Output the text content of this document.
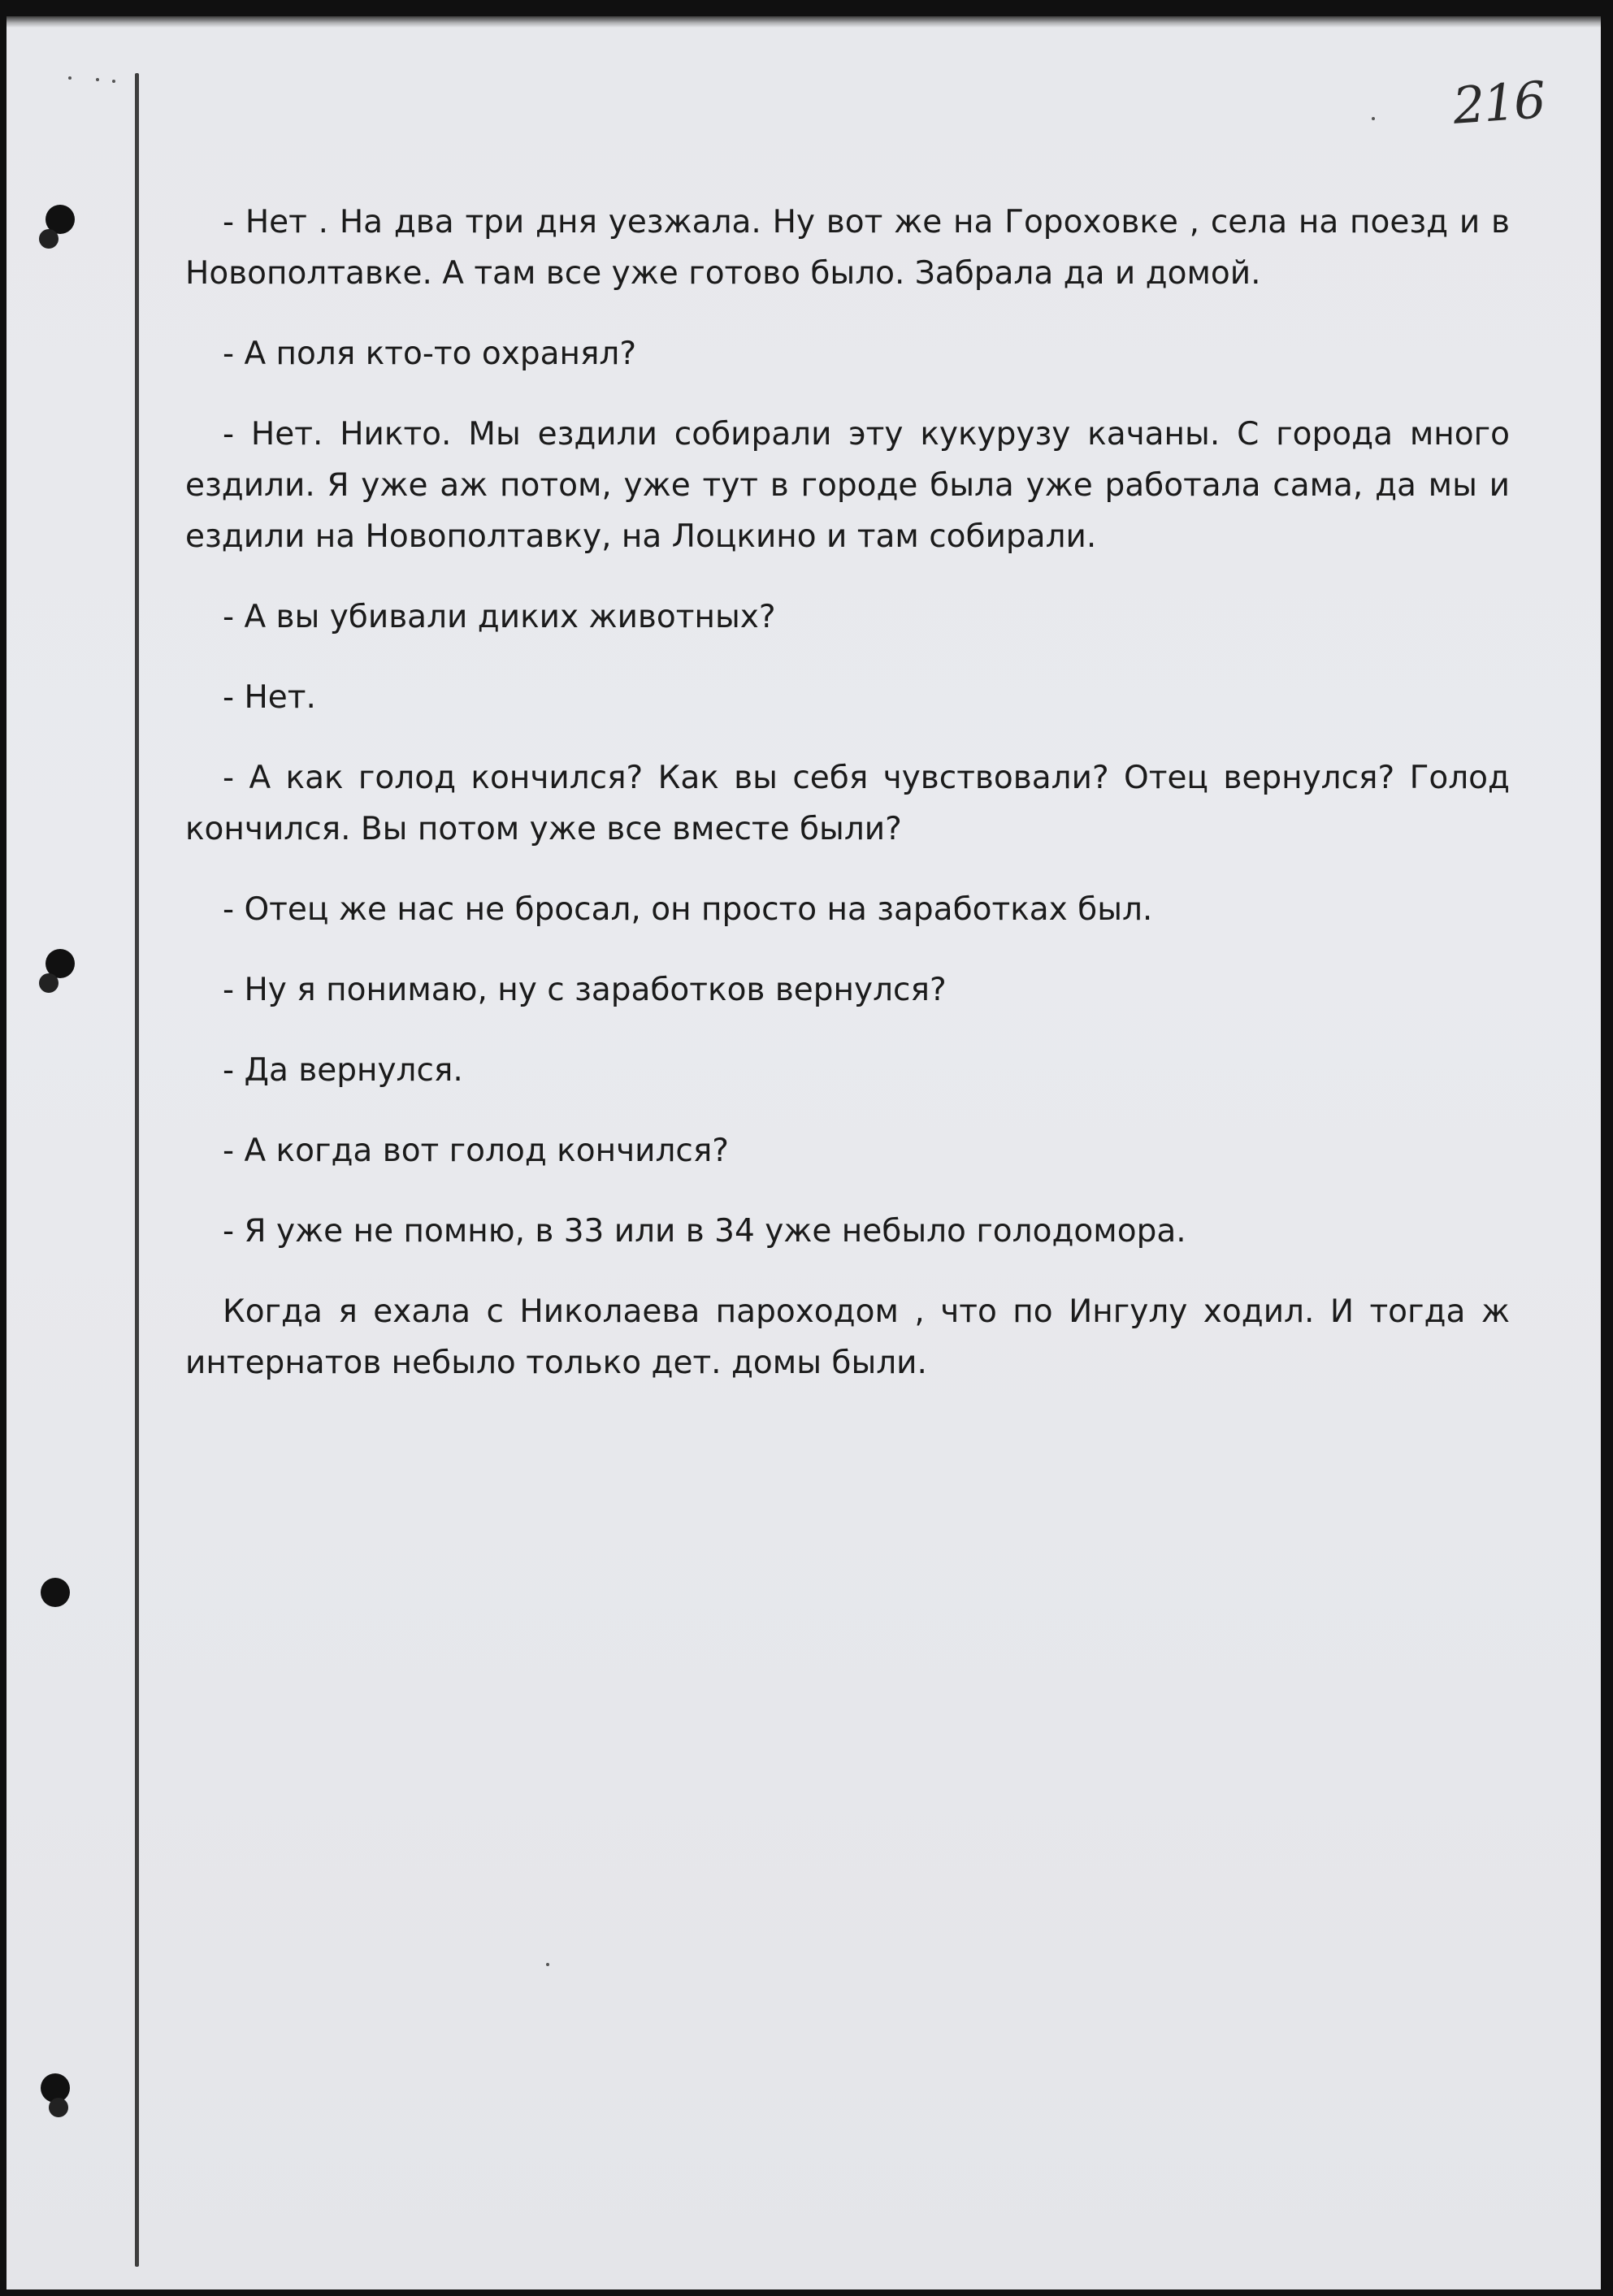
216

- Нет . На два три дня уезжала. Ну вот же на Гороховке , села на поезд и в Новополтавке. А там все уже готово было. Забрала да и домой.

- А поля кто-то охранял?

- Нет. Никто. Мы ездили собирали эту кукурузу качаны. С города много ездили. Я уже аж потом, уже тут в городе была уже работала сама, да мы и ездили на Новополтавку, на Лоцкино и там собирали.

- А вы убивали диких животных?

- Нет.

- А как голод кончился? Как вы себя чувствовали? Отец вернулся? Голод кончился. Вы потом уже все вместе были?

- Отец же нас не бросал, он просто на заработках был.

- Ну я понимаю, ну с заработков вернулся?

- Да вернулся.

- А когда вот голод кончился?

- Я уже не помню, в 33 или в 34 уже небыло голодомора.

Когда я ехала с Николаева пароходом , что по Ингулу ходил. И тогда ж интернатов небыло только дет. домы были.
